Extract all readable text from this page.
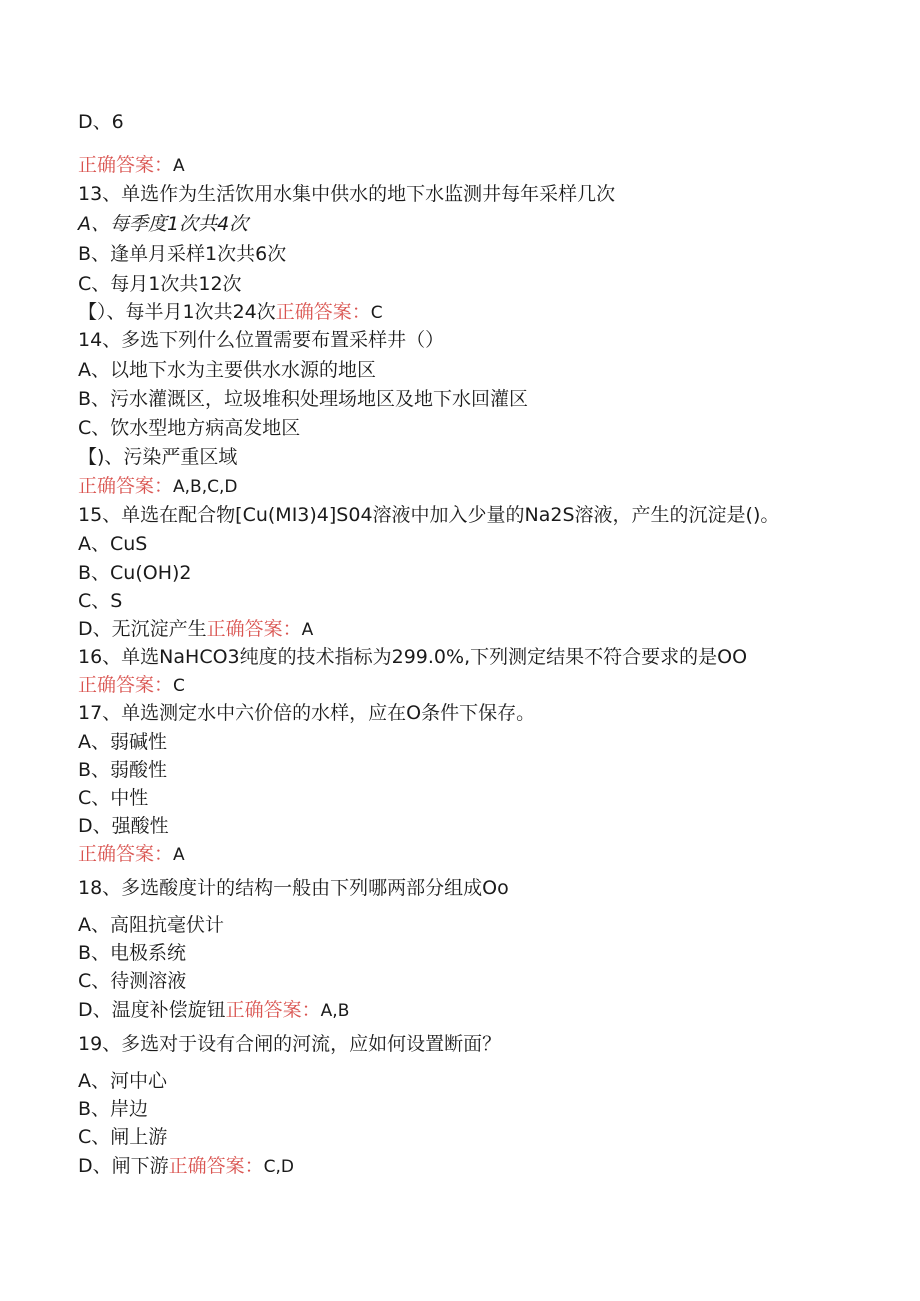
D、6
正确答案：A
13、单选作为生活饮用水集中供水的地下水监测井每年采样几次
A、每季度1次共4次
B、逢单月采样1次共6次
C、每月1次共12次
【）、每半月1次共24次正确答案：C
14、多选下列什么位置需要布置采样井（）
A、以地下水为主要供水水源的地区
B、污水灌溉区，垃圾堆积处理场地区及地下水回灌区
C、饮水型地方病高发地区
【)、污染严重区域
正确答案：A,B,C,D
15、单选在配合物[Cu(MI3)4]S04溶液中加入少量的Na2S溶液，产生的沉淀是()。
A、CuS
B、Cu(OH)2
C、S
D、无沉淀产生正确答案：A
16、单选NaHCO3纯度的技术指标为299.0%,下列测定结果不符合要求的是OO
正确答案：C
17、单选测定水中六价倍的水样，应在O条件下保存。
A、弱碱性
B、弱酸性
C、中性
D、强酸性
正确答案：A
18、多选酸度计的结构一般由下列哪两部分组成Oo
A、高阻抗毫伏计
B、电极系统
C、待测溶液
D、温度补偿旋钮正确答案：A,B
19、多选对于设有合闸的河流，应如何设置断面？
A、河中心
B、岸边
C、闸上游
D、闸下游正确答案：C,D
